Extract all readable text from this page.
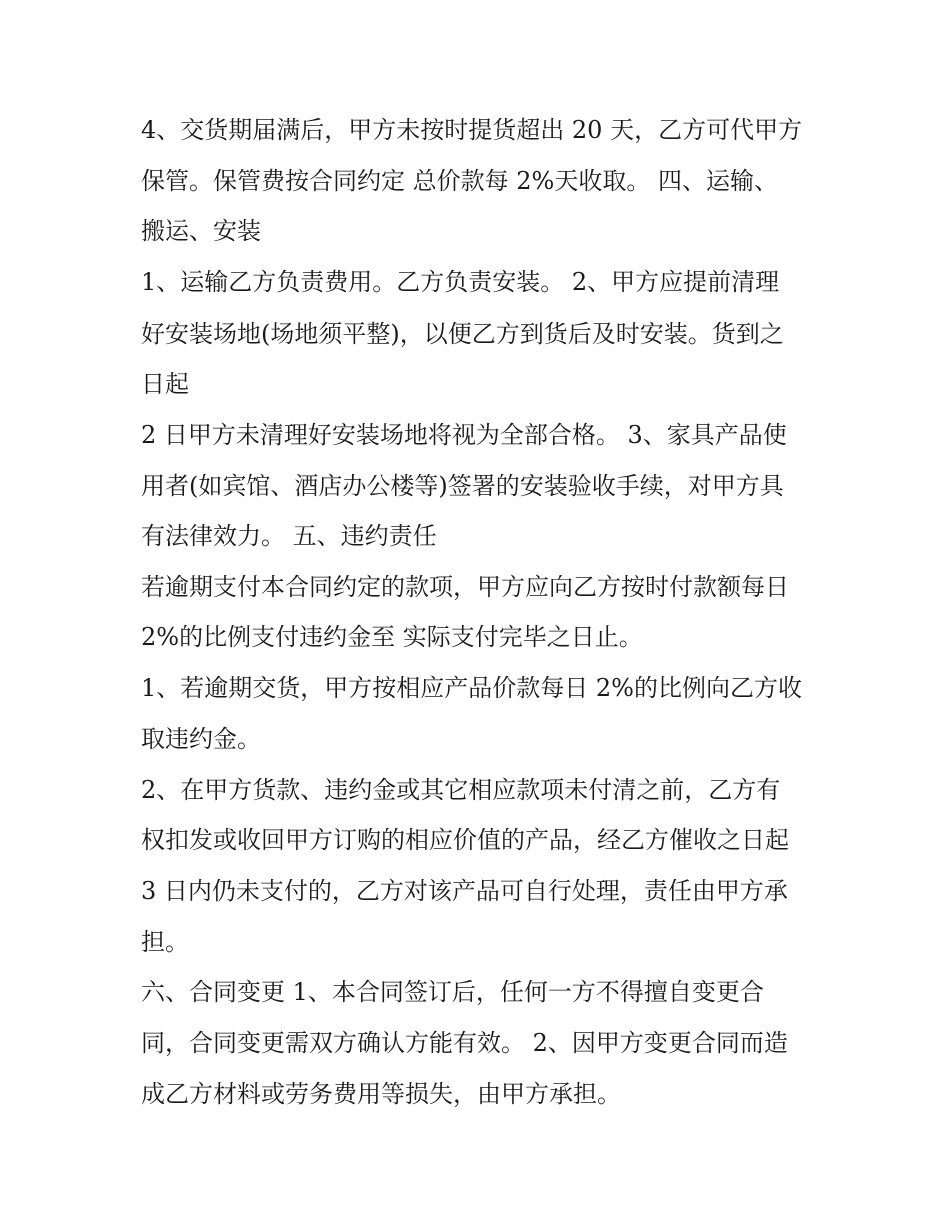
4、交货期届满后，甲方未按时提货超出 20 天，乙方可代甲方
保管。保管费按合同约定 总价款每 2%天收取。 四、运输、
搬运、安装
1、运输乙方负责费用。乙方负责安装。 2、甲方应提前清理
好安装场地(场地须平整)，以便乙方到货后及时安装。货到之
日起
2 日甲方未清理好安装场地将视为全部合格。 3、家具产品使
用者(如宾馆、酒店办公楼等)签署的安装验收手续，对甲方具
有法律效力。 五、违约责任
若逾期支付本合同约定的款项，甲方应向乙方按时付款额每日
2%的比例支付违约金至 实际支付完毕之日止。
1、若逾期交货，甲方按相应产品价款每日 2%的比例向乙方收
取违约金。
2、在甲方货款、违约金或其它相应款项未付清之前，乙方有
权扣发或收回甲方订购的相应价值的产品，经乙方催收之日起
3 日内仍未支付的，乙方对该产品可自行处理，责任由甲方承
担。
六、合同变更 1、本合同签订后，任何一方不得擅自变更合
同，合同变更需双方确认方能有效。 2、因甲方变更合同而造
成乙方材料或劳务费用等损失，由甲方承担。
